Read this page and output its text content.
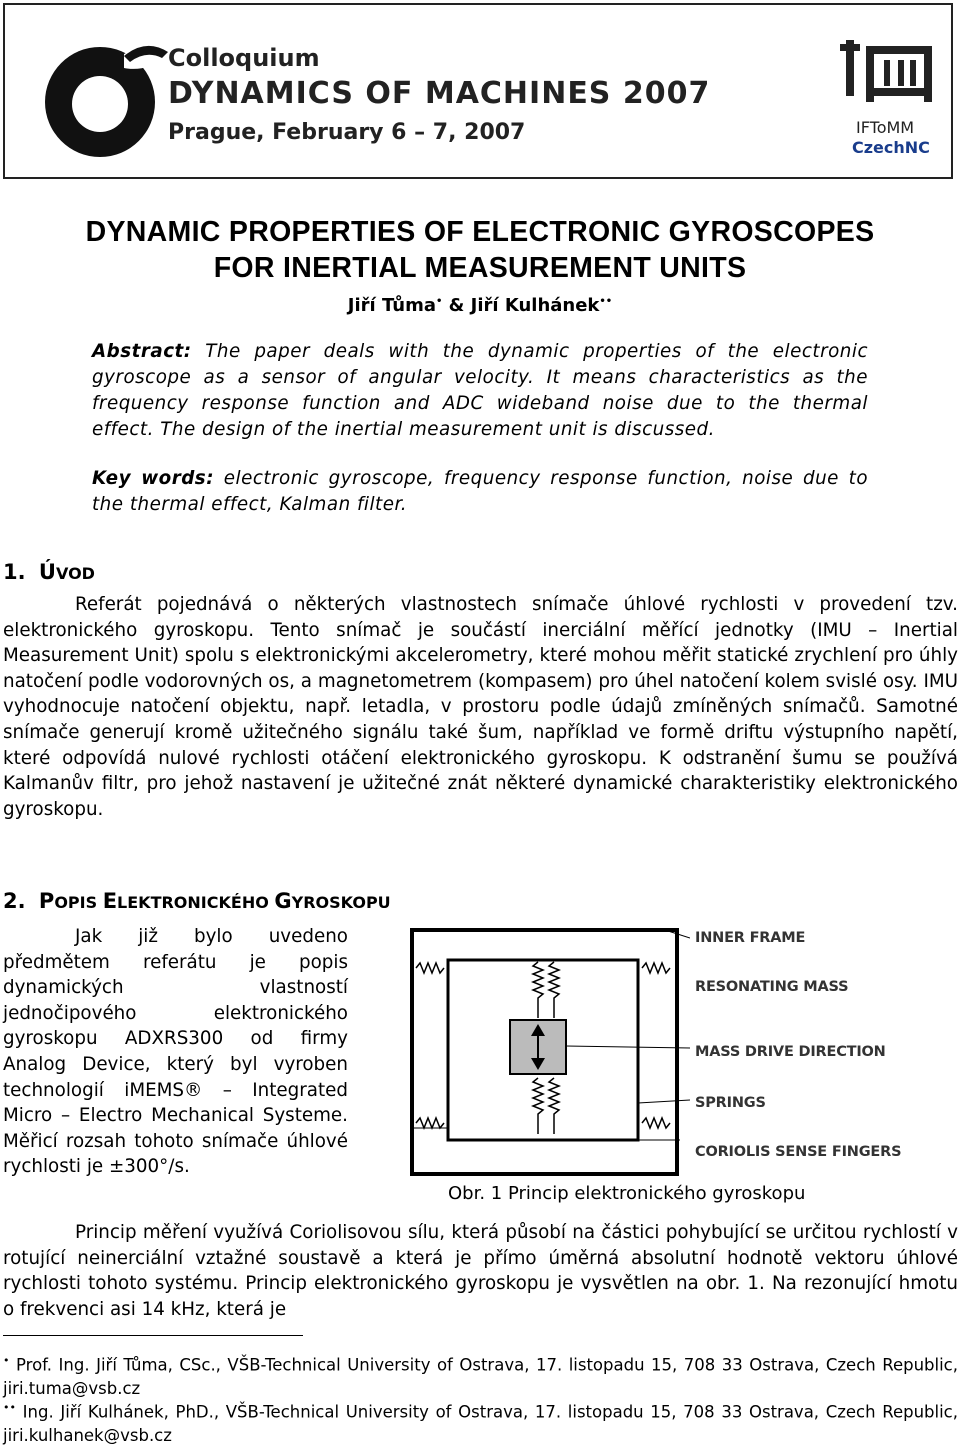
Colloquium
DYNAMICS OF MACHINES 2007
Prague, February 6 – 7, 2007	IFToMM
CzechNC
DYNAMIC PROPERTIES OF ELECTRONIC GYROSCOPES
FOR INERTIAL MEASUREMENT UNITS
Jiří Tůma• & Jiří Kulhánek••
Abstract: The paper deals with the dynamic properties of the electronic gyroscope as a sensor of angular velocity. It means characteristics as the frequency response function and ADC wideband noise due to the thermal effect. The design of the inertial measurement unit is discussed.
Key words: electronic gyroscope, frequency response function, noise due to the thermal effect, Kalman filter.
1. ÚVOD
Referát pojednává o některých vlastnostech snímače úhlové rychlosti v provedení tzv. elektronického gyroskopu. Tento snímač je součástí inerciální měřící jednotky (IMU – Inertial Measurement Unit) spolu s elektronickými akcelerometry, které mohou měřit statické zrychlení pro úhly natočení podle vodorovných os, a magnetometrem (kompasem) pro úhel natočení kolem svislé osy. IMU vyhodnocuje natočení objektu, např. letadla, v prostoru podle údajů zmíněných snímačů. Samotné snímače generují kromě užitečného signálu také šum, například ve formě driftu výstupního napětí, které odpovídá nulové rychlosti otáčení elektronického gyroskopu. K odstranění šumu se používá Kalmanův filtr, pro jehož nastavení je užitečné znát některé dynamické charakteristiky elektronického gyroskopu.
2. POPIS ELEKTRONICKÉHO GYROSKOPU
Jak již bylo uvedeno předmětem referátu je popis dynamických vlastností jednočipového elektronického gyroskopu ADXRS300 od firmy Analog Device, který byl vyroben technologií iMEMS® – Integrated Micro – Electro Mechanical Systeme. Měřicí rozsah tohoto snímače úhlové rychlosti je ±300°/s.
INNER FRAME
RESONATING MASS
MASS DRIVE DIRECTION
SPRINGS
CORIOLIS SENSE FINGERS
Obr. 1 Princip elektronického gyroskopu
Princip měření využívá Coriolisovou sílu, která působí na částici pohybující se určitou rychlostí v rotující neinerciální vztažné soustavě a která je přímo úměrná absolutní hodnotě vektoru úhlové rychlosti tohoto systému. Princip elektronického gyroskopu je vysvětlen na obr. 1. Na rezonující hmotu o frekvenci asi 14 kHz, která je
• Prof. Ing. Jiří Tůma, CSc., VŠB-Technical University of Ostrava, 17. listopadu 15, 708 33 Ostrava, Czech Republic, jiri.tuma@vsb.cz
•• Ing. Jiří Kulhánek, PhD., VŠB-Technical University of Ostrava, 17. listopadu 15, 708 33 Ostrava, Czech Republic, jiri.kulhanek@vsb.cz
